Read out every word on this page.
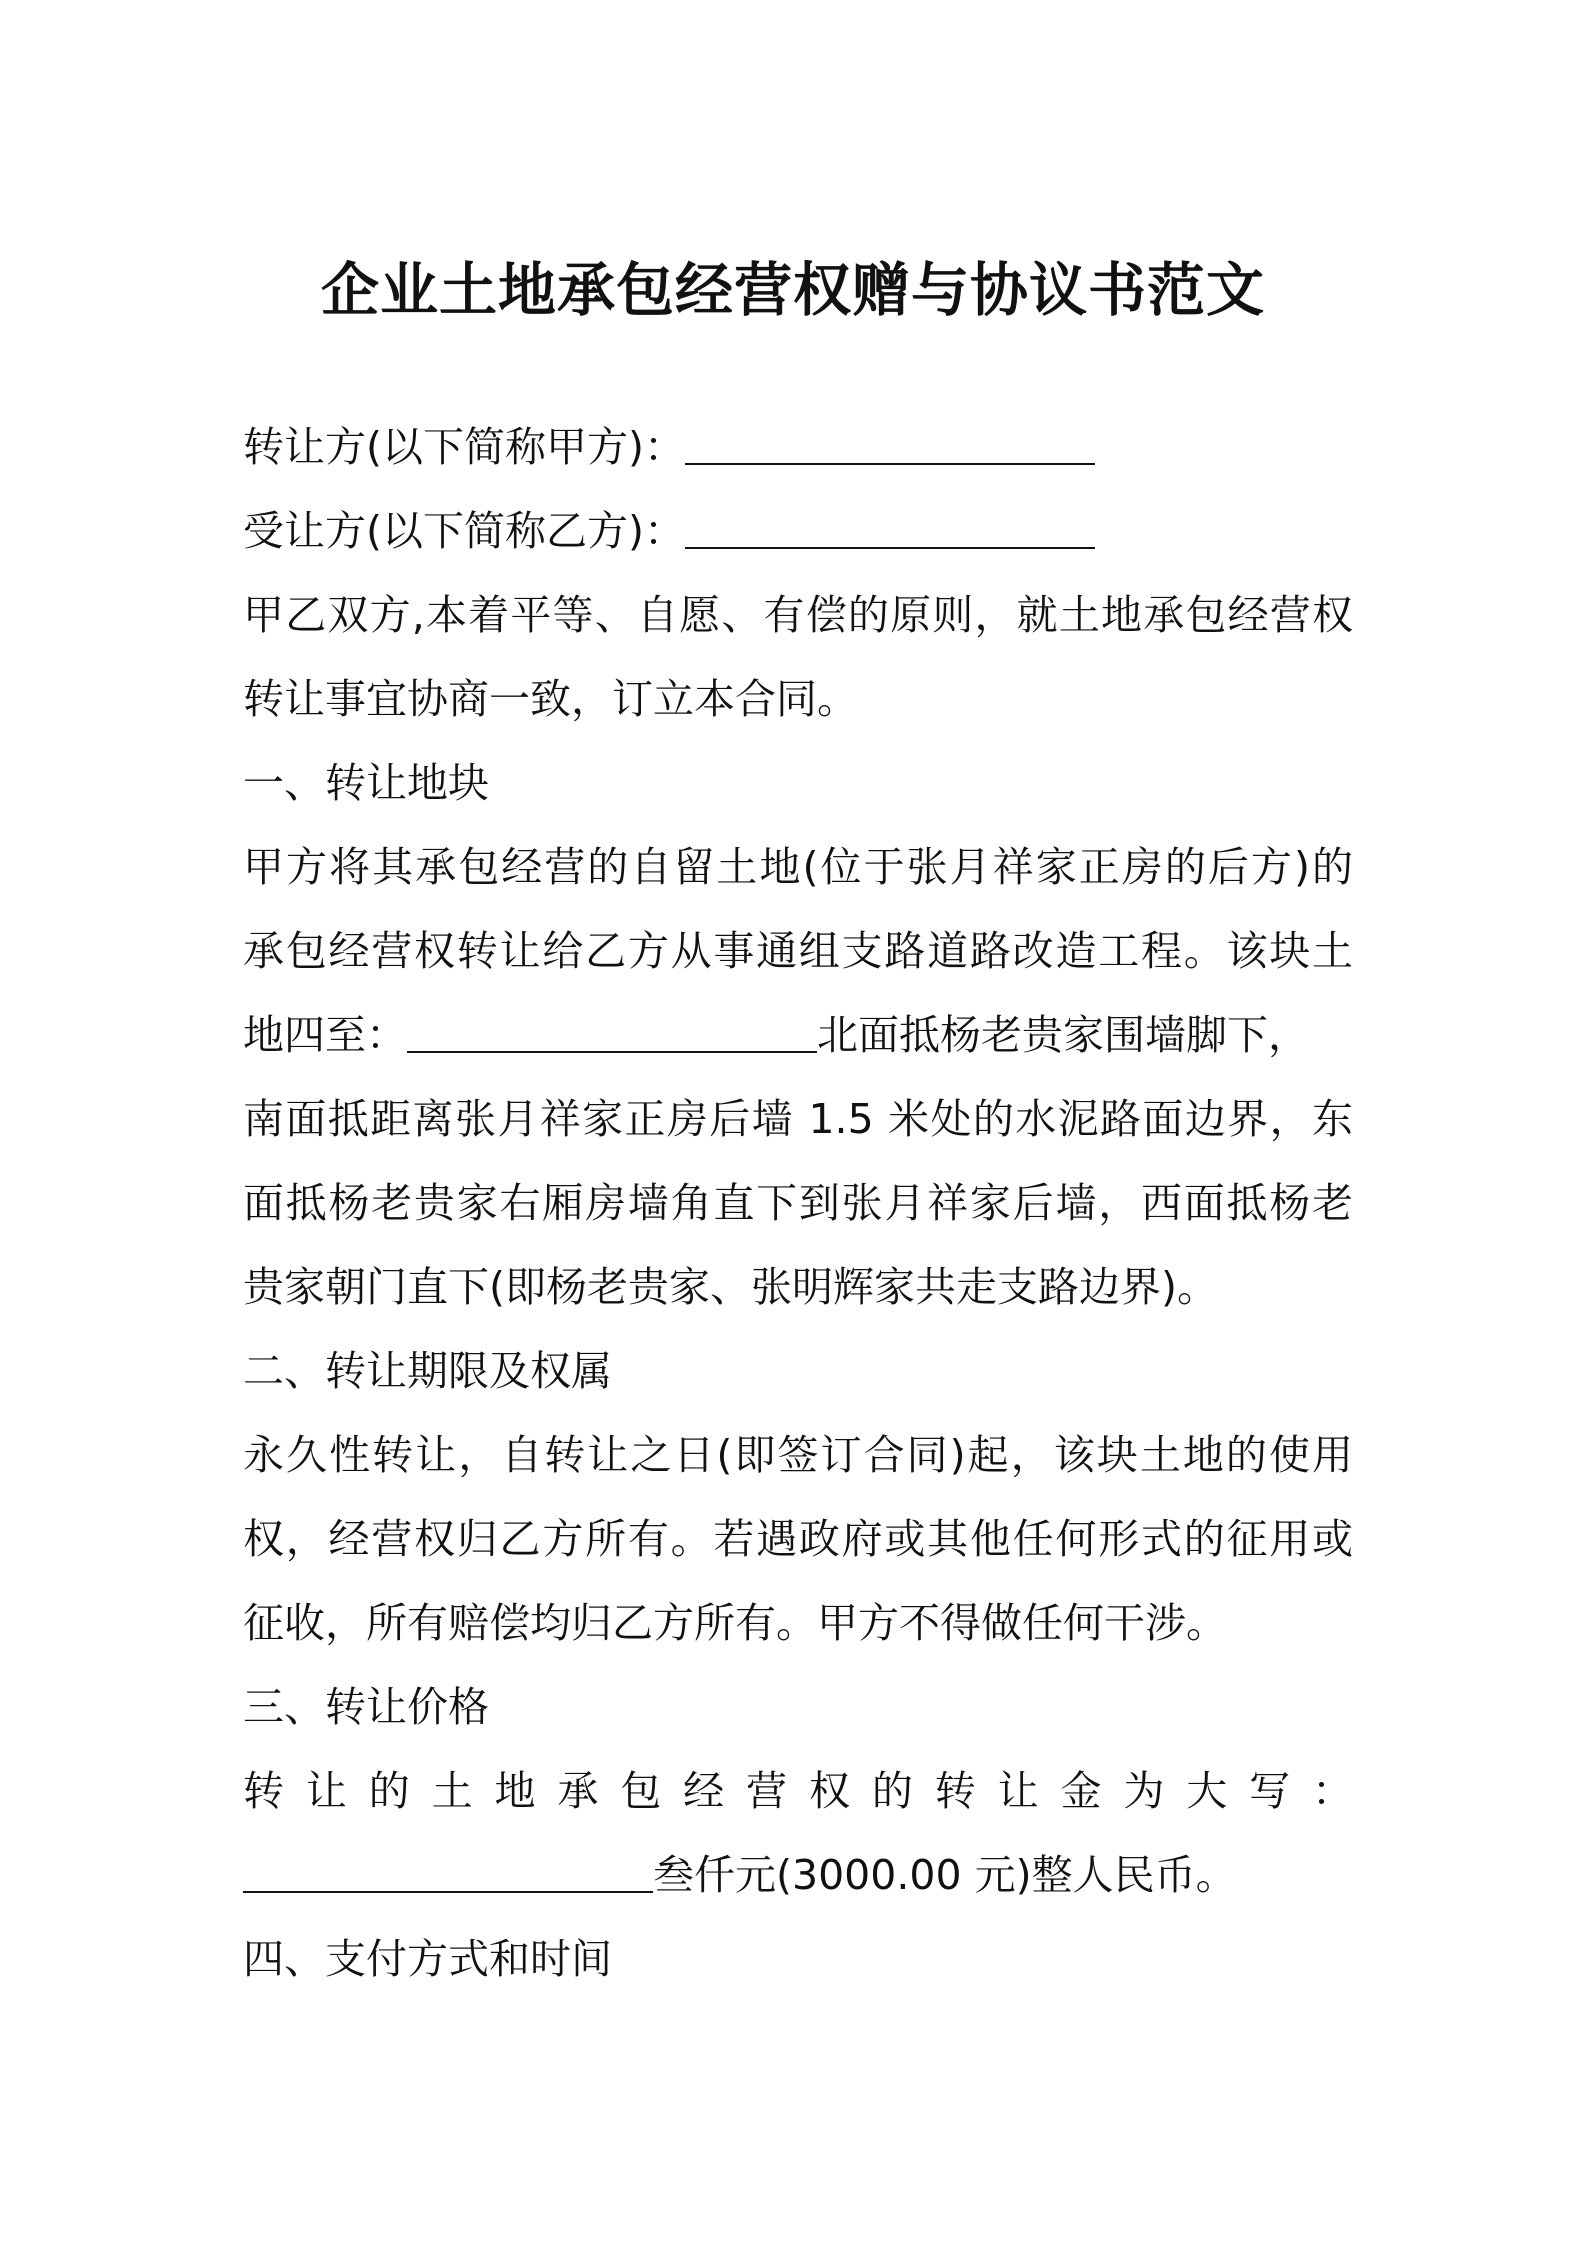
企业土地承包经营权赠与协议书范文
转让方(以下简称甲方)：
受让方(以下简称乙方)：
甲乙双方,本着平等、自愿、有偿的原则，就土地承包经营权
转让事宜协商一致，订立本合同。
一、转让地块
甲方将其承包经营的自留土地(位于张月祥家正房的后方)的
承包经营权转让给乙方从事通组支路道路改造工程。该块土
地四至：	北面抵杨老贵家围墙脚下，
南面抵距离张月祥家正房后墙 1.5 米处的水泥路面边界，东
面抵杨老贵家右厢房墙角直下到张月祥家后墙，西面抵杨老
贵家朝门直下(即杨老贵家、张明辉家共走支路边界)。
二、转让期限及权属
永久性转让，自转让之日(即签订合同)起，该块土地的使用
权，经营权归乙方所有。若遇政府或其他任何形式的征用或
征收，所有赔偿均归乙方所有。甲方不得做任何干涉。
三、转让价格
转让的土地承包经营权的转让金为大写：
叁仟元(3000.00 元)整人民币。
四、支付方式和时间
